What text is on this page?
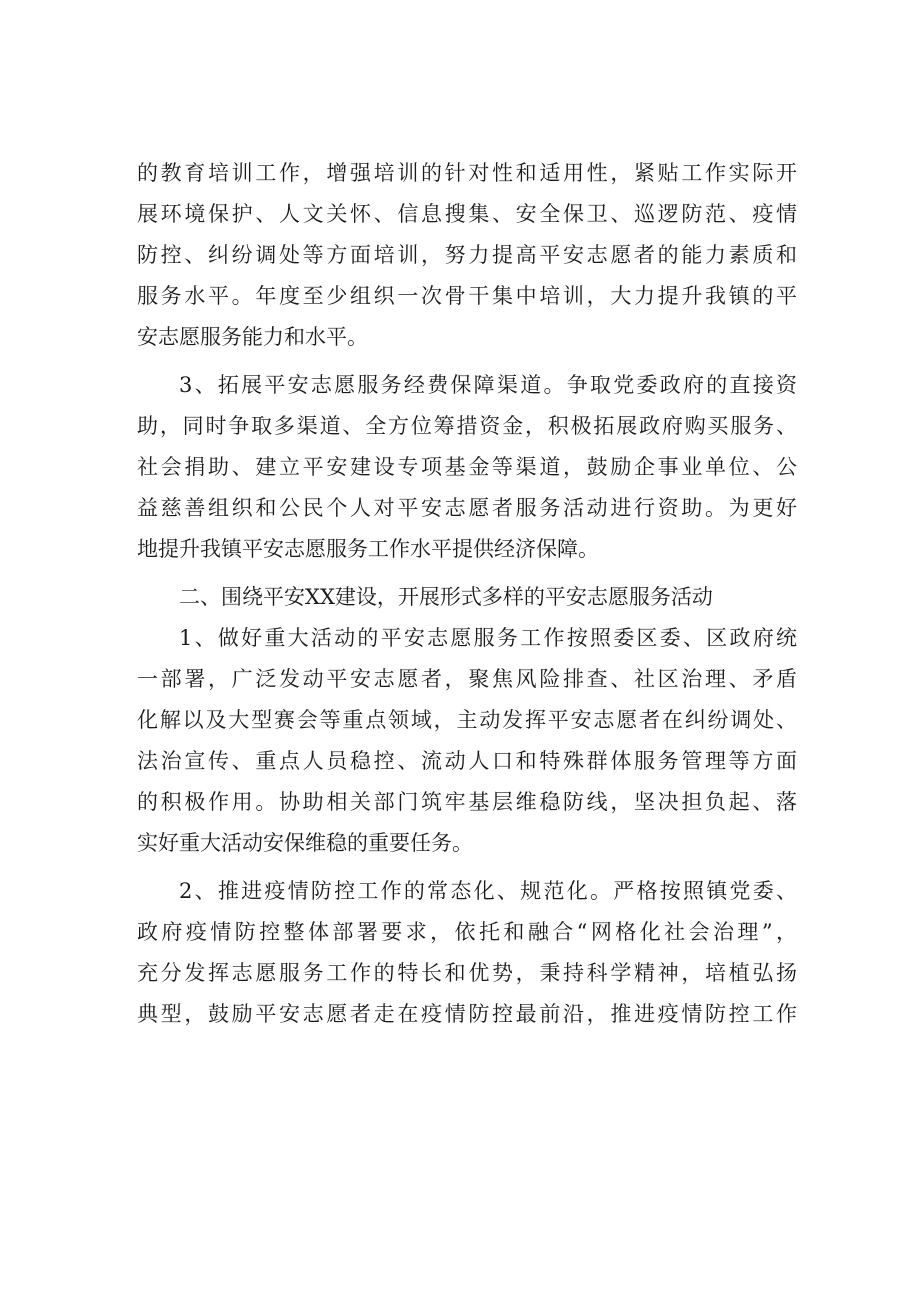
的教育培训工作，增强培训的针对性和适用性，紧贴工作实际开
展环境保护、人文关怀、信息搜集、安全保卫、巡逻防范、疫情
防控、纠纷调处等方面培训，努力提高平安志愿者的能力素质和
服务水平。年度至少组织一次骨干集中培训，大力提升我镇的平
安志愿服务能力和水平。

3、拓展平安志愿服务经费保障渠道。争取党委政府的直接资
助，同时争取多渠道、全方位筹措资金，积极拓展政府购买服务、
社会捐助、建立平安建设专项基金等渠道，鼓励企事业单位、公
益慈善组织和公民个人对平安志愿者服务活动进行资助。为更好
地提升我镇平安志愿服务工作水平提供经济保障。

二、围绕平安XX建设，开展形式多样的平安志愿服务活动

1、做好重大活动的平安志愿服务工作按照委区委、区政府统
一部署，广泛发动平安志愿者，聚焦风险排查、社区治理、矛盾
化解以及大型赛会等重点领域，主动发挥平安志愿者在纠纷调处、
法治宣传、重点人员稳控、流动人口和特殊群体服务管理等方面
的积极作用。协助相关部门筑牢基层维稳防线，坚决担负起、落
实好重大活动安保维稳的重要任务。

2、推进疫情防控工作的常态化、规范化。严格按照镇党委、
政府疫情防控整体部署要求，依托和融合“网格化社会治理”，
充分发挥志愿服务工作的特长和优势，秉持科学精神，培植弘扬
典型，鼓励平安志愿者走在疫情防控最前沿，推进疫情防控工作
